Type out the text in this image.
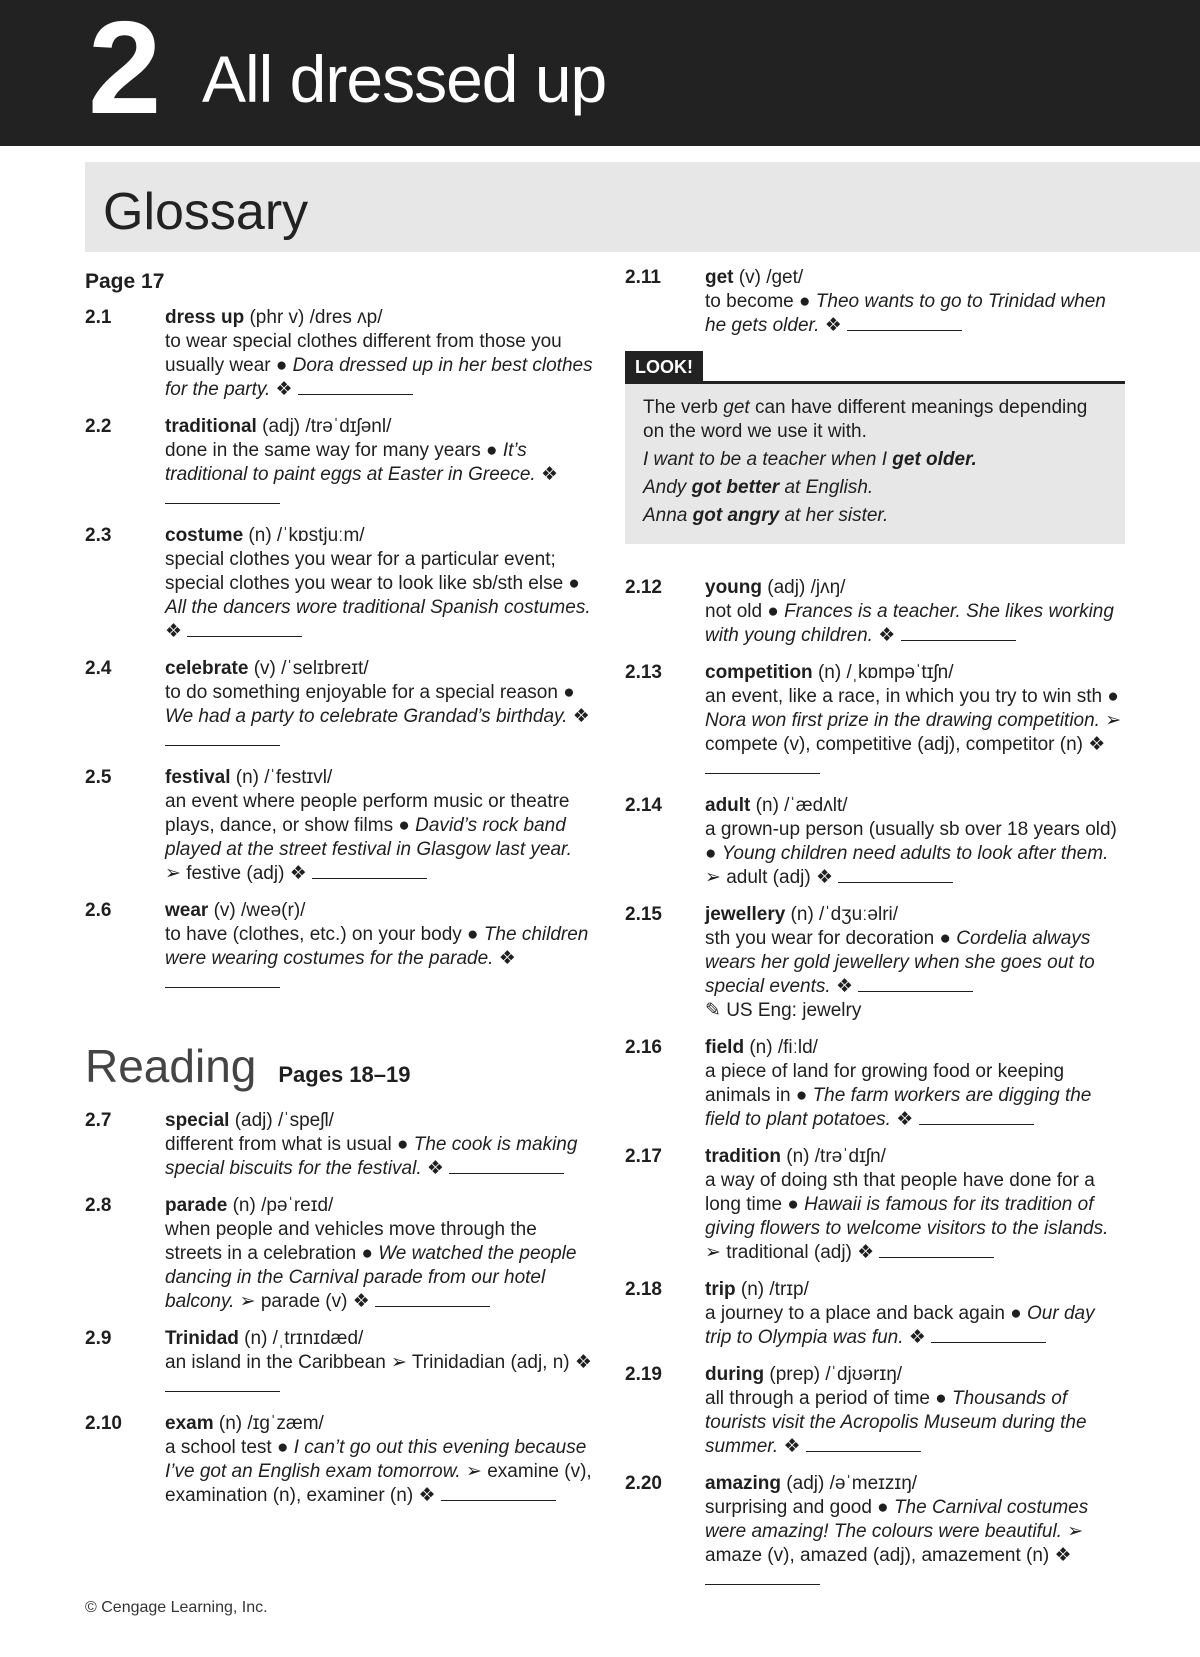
2 All dressed up
Glossary
Page 17
2.1	dress up (phr v) /dres ʌp/
to wear special clothes different from those you usually wear ● Dora dressed up in her best clothes for the party. ❖
2.2	traditional (adj) /trəˈdɪʃənl/
done in the same way for many years ● It’s traditional to paint eggs at Easter in Greece. ❖
2.3	costume (n) /ˈkɒstjuːm/
special clothes you wear for a particular event; special clothes you wear to look like sb/sth else ● All the dancers wore traditional Spanish costumes. ❖
2.4	celebrate (v) /ˈselɪbreɪt/
to do something enjoyable for a special reason ● We had a party to celebrate Grandad’s birthday. ❖
2.5	festival (n) /ˈfestɪvl/
an event where people perform music or theatre plays, dance, or show films ● David’s rock band played at the street festival in Glasgow last year. ➢ festive (adj) ❖
2.6	wear (v) /weə(r)/
to have (clothes, etc.) on your body ● The children were wearing costumes for the parade. ❖
Reading Pages 18–19
2.7	special (adj) /ˈspeʃl/
different from what is usual ● The cook is making special biscuits for the festival. ❖
2.8	parade (n) /pəˈreɪd/
when people and vehicles move through the streets in a celebration ● We watched the people dancing in the Carnival parade from our hotel balcony. ➢ parade (v) ❖
2.9	Trinidad (n) /ˌtrɪnɪdæd/
an island in the Caribbean ➢ Trinidadian (adj, n) ❖
2.10	exam (n) /ɪgˈzæm/
a school test ● I can’t go out this evening because I’ve got an English exam tomorrow. ➢ examine (v), examination (n), examiner (n) ❖
2.11	get (v) /get/
to become ● Theo wants to go to Trinidad when he gets older. ❖
LOOK!

The verb get can have different meanings depending on the word we use it with.

I want to be a teacher when I get older.

Andy got better at English.

Anna got angry at her sister.

2.12	young (adj) /jʌŋ/
not old ● Frances is a teacher. She likes working with young children. ❖
2.13	competition (n) /ˌkɒmpəˈtɪʃn/
an event, like a race, in which you try to win sth ● Nora won first prize in the drawing competition. ➢ compete (v), competitive (adj), competitor (n) ❖
2.14	adult (n) /ˈædʌlt/
a grown-up person (usually sb over 18 years old) ● Young children need adults to look after them. ➢ adult (adj) ❖
2.15	jewellery (n) /ˈdʒuːəlri/
sth you wear for decoration ● Cordelia always wears her gold jewellery when she goes out to special events. ❖
✎ US Eng: jewelry
2.16	field (n) /fiːld/
a piece of land for growing food or keeping animals in ● The farm workers are digging the field to plant potatoes. ❖
2.17	tradition (n) /trəˈdɪʃn/
a way of doing sth that people have done for a long time ● Hawaii is famous for its tradition of giving flowers to welcome visitors to the islands. ➢ traditional (adj) ❖
2.18	trip (n) /trɪp/
a journey to a place and back again ● Our day trip to Olympia was fun. ❖
2.19	during (prep) /ˈdjʊərɪŋ/
all through a period of time ● Thousands of tourists visit the Acropolis Museum during the summer. ❖
2.20	amazing (adj) /əˈmeɪzɪŋ/
surprising and good ● The Carnival costumes were amazing! The colours were beautiful. ➢ amaze (v), amazed (adj), amazement (n) ❖
© Cengage Learning, Inc.
